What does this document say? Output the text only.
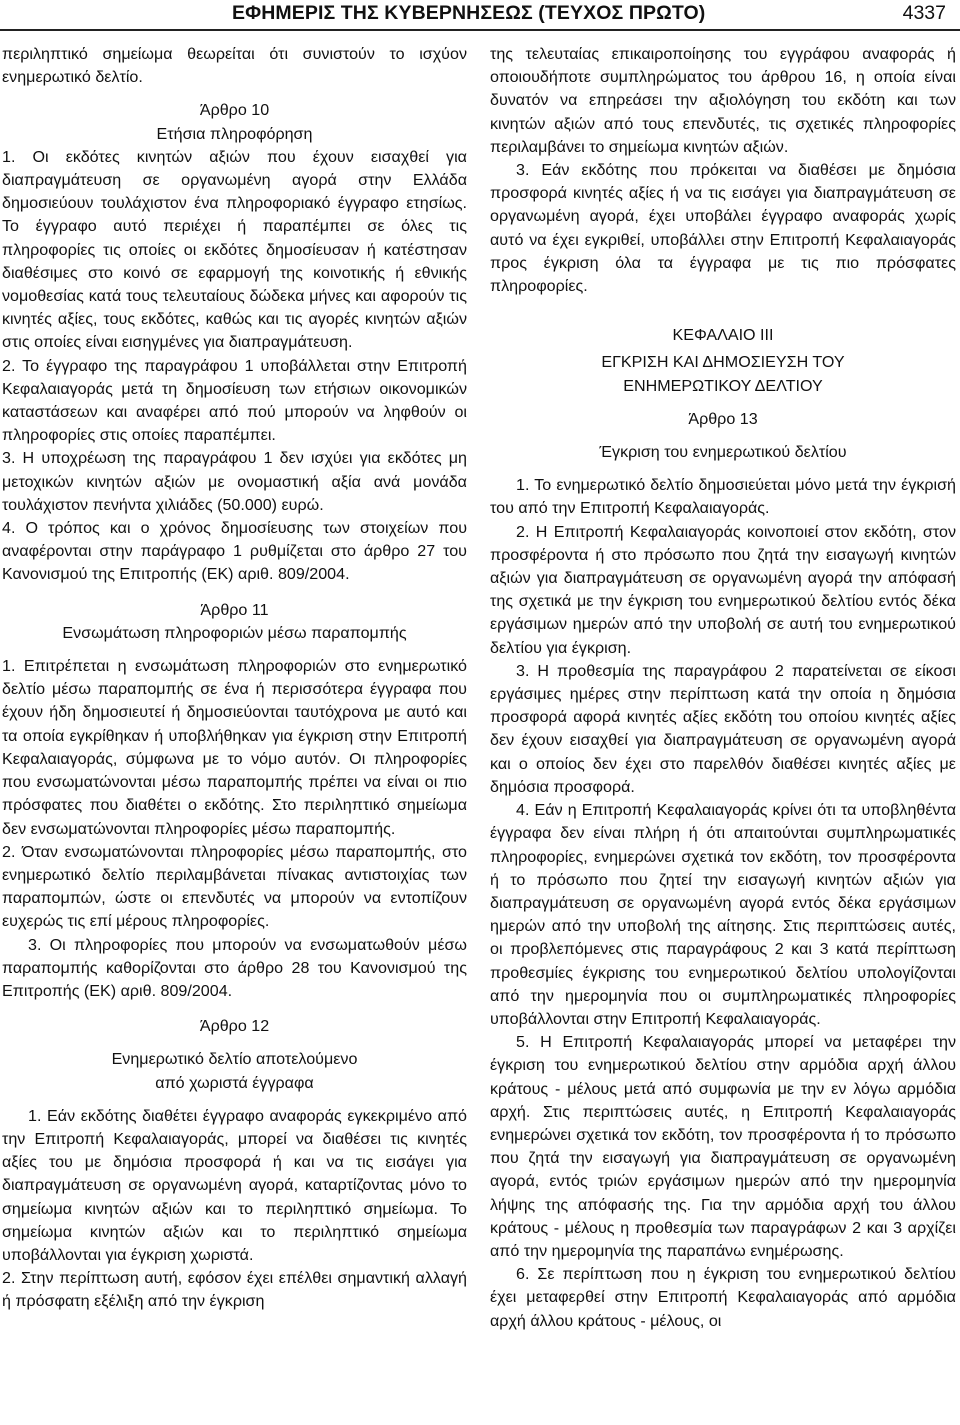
ΕΦΗΜΕΡΙΣ ΤΗΣ ΚΥΒΕΡΝΗΣΕΩΣ (ΤΕΥΧΟΣ ΠΡΩΤΟ)	4337

περιληπτικό σημείωμα θεωρείται ότι συνιστούν το ισχύον ενημερωτικό δελτίο.

Άρθρο 10

Ετήσια πληροφόρηση

1. Οι εκδότες κινητών αξιών που έχουν εισαχθεί για διαπραγμάτευση σε οργανωμένη αγορά στην Ελλάδα δημοσιεύουν τουλάχιστον ένα πληροφοριακό έγγραφο ετησίως. Το έγγραφο αυτό περιέχει ή παραπέμπει σε όλες τις πληροφορίες τις οποίες οι εκδότες δημοσίευσαν ή κατέστησαν διαθέσιμες στο κοινό σε εφαρμογή της κοινοτικής ή εθνικής νομοθεσίας κατά τους τελευταίους δώδεκα μήνες και αφορούν τις κινητές αξίες, τους εκδότες, καθώς και τις αγορές κινητών αξιών στις οποίες είναι εισηγμένες για διαπραγμάτευση.

2. Το έγγραφο της παραγράφου 1 υποβάλλεται στην Επιτροπή Κεφαλαιαγοράς μετά τη δημοσίευση των ετήσιων οικονομικών καταστάσεων και αναφέρει από πού μπορούν να ληφθούν οι πληροφορίες στις οποίες παραπέμπει.

3. Η υποχρέωση της παραγράφου 1 δεν ισχύει για εκδότες μη μετοχικών κινητών αξιών με ονομαστική αξία ανά μονάδα τουλάχιστον πενήντα χιλιάδες (50.000) ευρώ.

4. Ο τρόπος και ο χρόνος δημοσίευσης των στοιχείων που αναφέρονται στην παράγραφο 1 ρυθμίζεται στο άρθρο 27 του Κανονισμού της Επιτροπής (ΕΚ) αριθ. 809/2004.

Άρθρο 11

Ενσωμάτωση πληροφοριών μέσω παραπομπής

1. Επιτρέπεται η ενσωμάτωση πληροφοριών στο ενημερωτικό δελτίο μέσω παραπομπής σε ένα ή περισσότερα έγγραφα που έχουν ήδη δημοσιευτεί ή δημοσιεύονται ταυτόχρονα με αυτό και τα οποία εγκρίθηκαν ή υποβλήθηκαν για έγκριση στην Επιτροπή Κεφαλαιαγοράς, σύμφωνα με το νόμο αυτόν. Οι πληροφορίες που ενσωματώνονται μέσω παραπομπής πρέπει να είναι οι πιο πρόσφατες που διαθέτει ο εκδότης. Στο περιληπτικό σημείωμα δεν ενσωματώνονται πληροφορίες μέσω παραπομπής.

2. Όταν ενσωματώνονται πληροφορίες μέσω παραπομπής, στο ενημερωτικό δελτίο περιλαμβάνεται πίνακας αντιστοιχίας των παραπομπών, ώστε οι επενδυτές να μπορούν να εντοπίζουν ευχερώς τις επί μέρους πληροφορίες.

3. Οι πληροφορίες που μπορούν να ενσωματωθούν μέσω παραπομπής καθορίζονται στο άρθρο 28 του Κανονισμού της Επιτροπής (ΕΚ) αριθ. 809/2004.

Άρθρο 12

Ενημερωτικό δελτίο αποτελούμενο

από χωριστά έγγραφα

1. Εάν εκδότης διαθέτει έγγραφο αναφοράς εγκεκριμένο από την Επιτροπή Κεφαλαιαγοράς, μπορεί να διαθέσει τις κινητές αξίες του με δημόσια προσφορά ή και να τις εισάγει για διαπραγμάτευση σε οργανωμένη αγορά, καταρτίζοντας μόνο το σημείωμα κινητών αξιών και το περιληπτικό σημείωμα. Το σημείωμα κινητών αξιών και το περιληπτικό σημείωμα υποβάλλονται για έγκριση χωριστά.

2. Στην περίπτωση αυτή, εφόσον έχει επέλθει σημαντική αλλαγή ή πρόσφατη εξέλιξη από την έγκριση

της τελευταίας επικαιροποίησης του εγγράφου αναφοράς ή οποιουδήποτε συμπληρώματος του άρθρου 16, η οποία είναι δυνατόν να επηρεάσει την αξιολόγηση του εκδότη και των κινητών αξιών από τους επενδυτές, τις σχετικές πληροφορίες περιλαμβάνει το σημείωμα κινητών αξιών.

3. Εάν εκδότης που πρόκειται να διαθέσει με δημόσια προσφορά κινητές αξίες ή να τις εισάγει για διαπραγμάτευση σε οργανωμένη αγορά, έχει υποβάλει έγγραφο αναφοράς χωρίς αυτό να έχει εγκριθεί, υποβάλλει στην Επιτροπή Κεφαλαιαγοράς προς έγκριση όλα τα έγγραφα με τις πιο πρόσφατες πληροφορίες.

ΚΕΦΑΛΑΙΟ ΙΙΙ

ΕΓΚΡΙΣΗ ΚΑΙ ΔΗΜΟΣΙΕΥΣΗ ΤΟΥ

ΕΝΗΜΕΡΩΤΙΚΟΥ ΔΕΛΤΙΟΥ

Άρθρο 13

Έγκριση του ενημερωτικού δελτίου

1. Το ενημερωτικό δελτίο δημοσιεύεται μόνο μετά την έγκρισή του από την Επιτροπή Κεφαλαιαγοράς.

2. Η Επιτροπή Κεφαλαιαγοράς κοινοποιεί στον εκδότη, στον προσφέροντα ή στο πρόσωπο που ζητά την εισαγωγή κινητών αξιών για διαπραγμάτευση σε οργανωμένη αγορά την απόφασή της σχετικά με την έγκριση του ενημερωτικού δελτίου εντός δέκα εργάσιμων ημερών από την υποβολή σε αυτή του ενημερωτικού δελτίου για έγκριση.

3. Η προθεσμία της παραγράφου 2 παρατείνεται σε είκοσι εργάσιμες ημέρες στην περίπτωση κατά την οποία η δημόσια προσφορά αφορά κινητές αξίες εκδότη του οποίου κινητές αξίες δεν έχουν εισαχθεί για διαπραγμάτευση σε οργανωμένη αγορά και ο οποίος δεν έχει στο παρελθόν διαθέσει κινητές αξίες με δημόσια προσφορά.

4. Εάν η Επιτροπή Κεφαλαιαγοράς κρίνει ότι τα υποβληθέντα έγγραφα δεν είναι πλήρη ή ότι απαιτούνται συμπληρωματικές πληροφορίες, ενημερώνει σχετικά τον εκδότη, τον προσφέροντα ή το πρόσωπο που ζητεί την εισαγωγή κινητών αξιών για διαπραγμάτευση σε οργανωμένη αγορά εντός δέκα εργάσιμων ημερών από την υποβολή της αίτησης. Στις περιπτώσεις αυτές, οι προβλεπόμενες στις παραγράφους 2 και 3 κατά περίπτωση προθεσμίες έγκρισης του ενημερωτικού δελτίου υπολογίζονται από την ημερομηνία που οι συμπληρωματικές πληροφορίες υποβάλλονται στην Επιτροπή Κεφαλαιαγοράς.

5. Η Επιτροπή Κεφαλαιαγοράς μπορεί να μεταφέρει την έγκριση του ενημερωτικού δελτίου στην αρμόδια αρχή άλλου κράτους - μέλους μετά από συμφωνία με την εν λόγω αρμόδια αρχή. Στις περιπτώσεις αυτές, η Επιτροπή Κεφαλαιαγοράς ενημερώνει σχετικά τον εκδότη, τον προσφέροντα ή το πρόσωπο που ζητά την εισαγωγή για διαπραγμάτευση σε οργανωμένη αγορά, εντός τριών εργάσιμων ημερών από την ημερομηνία λήψης της απόφασής της. Για την αρμόδια αρχή του άλλου κράτους - μέλους η προθεσμία των παραγράφων 2 και 3 αρχίζει από την ημερομηνία της παραπάνω ενημέρωσης.

6. Σε περίπτωση που η έγκριση του ενημερωτικού δελτίου έχει μεταφερθεί στην Επιτροπή Κεφαλαιαγοράς από αρμόδια αρχή άλλου κράτους - μέλους, οι
